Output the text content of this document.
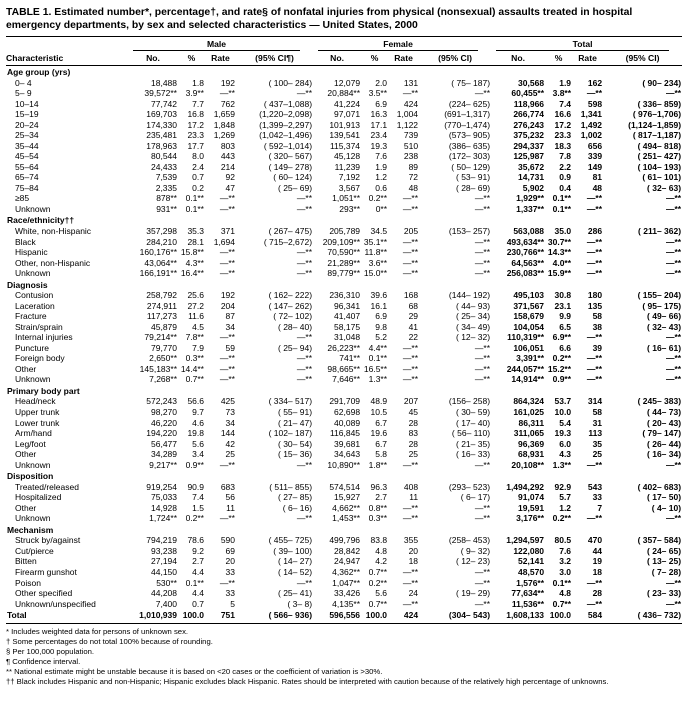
TABLE 1. Estimated number*, percentage†, and rate§ of nonfatal injuries from physical (nonsexual) assaults treated in hospital emergency departments, by sex and selected characteristics — United States, 2000

	Male				Female				Total			

Characteristic	No.	%	Rate	(95% CI¶)	No.	%	Rate	(95% CI)	No.	%	Rate	(95% CI)
Age group (yrs)												
0– 4	18,488	1.8	192	( 100– 284)	12,079	2.0	131	( 75– 187)	30,568	1.9	162	( 90– 234)
5– 9	39,572**	3.9**	—**	—**	20,884**	3.5**	—**	—**	60,455**	3.8**	—**	—**
10–14	77,742	7.7	762	( 437–1,088)	41,224	6.9	424	(224– 625)	118,966	7.4	598	( 336– 859)
15–19	169,703	16.8	1,659	(1,220–2,098)	97,071	16.3	1,004	(691–1,317)	266,774	16.6	1,341	( 976–1,706)
20–24	174,330	17.2	1,848	(1,399–2,297)	101,913	17.1	1,122	(770–1,474)	276,243	17.2	1,492	(1,124–1,859)
25–34	235,481	23.3	1,269	(1,042–1,496)	139,541	23.4	739	(573– 905)	375,232	23.3	1,002	( 817–1,187)
35–44	178,963	17.7	803	( 592–1,014)	115,374	19.3	510	(386– 635)	294,337	18.3	656	( 494– 818)
45–54	80,544	8.0	443	( 320– 567)	45,128	7.6	238	(172– 303)	125,987	7.8	339	( 251– 427)
55–64	24,433	2.4	214	( 149– 278)	11,239	1.9	89	( 50– 129)	35,672	2.2	149	( 104– 193)
65–74	7,539	0.7	92	( 60– 124)	7,192	1.2	72	( 53– 91)	14,731	0.9	81	( 61– 101)
75–84	2,335	0.2	47	( 25– 69)	3,567	0.6	48	( 28– 69)	5,902	0.4	48	( 32– 63)
≥85	878**	0.1**	—**	—**	1,051**	0.2**	—**	—**	1,929**	0.1**	—**	—**
Unknown	931**	0.1**	—**	—**	293**	0**	—**	—**	1,337**	0.1**	—**	—**
Race/ethnicity††												
White, non-Hispanic	357,298	35.3	371	( 267– 475)	205,789	34.5	205	(153– 257)	563,088	35.0	286	( 211– 362)
Black	284,210	28.1	1,694	( 715–2,672)	209,109**	35.1**	—**	—**	493,634**	30.7**	—**	—**
Hispanic	160,176**	15.8**	—**	—**	70,590**	11.8**	—**	—**	230,766**	14.3**	—**	—**
Other, non-Hispanic	43,064**	4.3**	—**	—**	21,289**	3.6**	—**	—**	64,563**	4.0**	—**	—**
Unknown	166,191**	16.4**	—**	—**	89,779**	15.0**	—**	—**	256,083**	15.9**	—**	—**
Diagnosis												
Contusion	258,792	25.6	192	( 162– 222)	236,310	39.6	168	(144– 192)	495,103	30.8	180	( 155– 204)
Laceration	274,911	27.2	204	( 147– 262)	96,341	16.1	68	( 44– 93)	371,567	23.1	135	( 95– 175)
Fracture	117,273	11.6	87	( 72– 102)	41,407	6.9	29	( 25– 34)	158,679	9.9	58	( 49– 66)
Strain/sprain	45,879	4.5	34	( 28– 40)	58,175	9.8	41	( 34– 49)	104,054	6.5	38	( 32– 43)
Internal injuries	79,214**	7.8**	—**	—**	31,048	5.2	22	( 12– 32)	110,319**	6.9**	—**	—**
Puncture	79,770	7.9	59	( 25– 94)	26,223**	4.4**	—**	—**	106,051	6.6	39	( 16– 61)
Foreign body	2,650**	0.3**	—**	—**	741**	0.1**	—**	—**	3,391**	0.2**	—**	—**
Other	145,183**	14.4**	—**	—**	98,665**	16.5**	—**	—**	244,057**	15.2**	—**	—**
Unknown	7,268**	0.7**	—**	—**	7,646**	1.3**	—**	—**	14,914**	0.9**	—**	—**
Primary body part												
Head/neck	572,243	56.6	425	( 334– 517)	291,709	48.9	207	(156– 258)	864,324	53.7	314	( 245– 383)
Upper trunk	98,270	9.7	73	( 55– 91)	62,698	10.5	45	( 30– 59)	161,025	10.0	58	( 44– 73)
Lower trunk	46,220	4.6	34	( 21– 47)	40,089	6.7	28	( 17– 40)	86,311	5.4	31	( 20– 43)
Arm/hand	194,220	19.8	144	( 102– 187)	116,845	19.6	83	( 56– 110)	311,065	19.3	113	( 79– 147)
Leg/foot	56,477	5.6	42	( 30– 54)	39,681	6.7	28	( 21– 35)	96,369	6.0	35	( 26– 44)
Other	34,289	3.4	25	( 15– 36)	34,643	5.8	25	( 16– 33)	68,931	4.3	25	( 16– 34)
Unknown	9,217**	0.9**	—**	—**	10,890**	1.8**	—**	—**	20,108**	1.3**	—**	—**
Disposition												
Treated/released	919,254	90.9	683	( 511– 855)	574,514	96.3	408	(293– 523)	1,494,292	92.9	543	( 402– 683)
Hospitalized	75,033	7.4	56	( 27– 85)	15,927	2.7	11	( 6– 17)	91,074	5.7	33	( 17– 50)
Other	14,928	1.5	11	( 6– 16)	4,662**	0.8**	—**	—**	19,591	1.2	7	( 4– 10)
Unknown	1,724**	0.2**	—**	—**	1,453**	0.3**	—**	—**	3,176**	0.2**	—**	—**
Mechanism												
Struck by/against	794,219	78.6	590	( 455– 725)	499,796	83.8	355	(258– 453)	1,294,597	80.5	470	( 357– 584)
Cut/pierce	93,238	9.2	69	( 39– 100)	28,842	4.8	20	( 9– 32)	122,080	7.6	44	( 24– 65)
Bitten	27,194	2.7	20	( 14– 27)	24,947	4.2	18	( 12– 23)	52,141	3.2	19	( 13– 25)
Firearm gunshot	44,150	4.4	33	( 14– 52)	4,362**	0.7**	—**	—**	48,570	3.0	18	( 7– 28)
Poison	530**	0.1**	—**	—**	1,047**	0.2**	—**	—**	1,576**	0.1**	—**	—**
Other specified	44,208	4.4	33	( 25– 41)	33,426	5.6	24	( 19– 29)	77,634**	4.8	28	( 23– 33)
Unknown/unspecified	7,400	0.7	5	( 3– 8)	4,135**	0.7**	—**	—**	11,536**	0.7**	—**	—**
Total	1,010,939	100.0	751	( 566– 936)	596,556	100.0	424	(304– 543)	1,608,133	100.0	584	( 436– 732)
* Includes weighted data for persons of unknown sex.
† Some percentages do not total 100% because of rounding.
§ Per 100,000 population.
¶ Confidence interval.
** National estimate might be unstable because it is based on <20 cases or the coefficient of variation is >30%.
†† Black includes Hispanic and non-Hispanic; Hispanic excludes black Hispanic. Rates should be interpreted with caution because of the relatively high percentage of unknowns.
